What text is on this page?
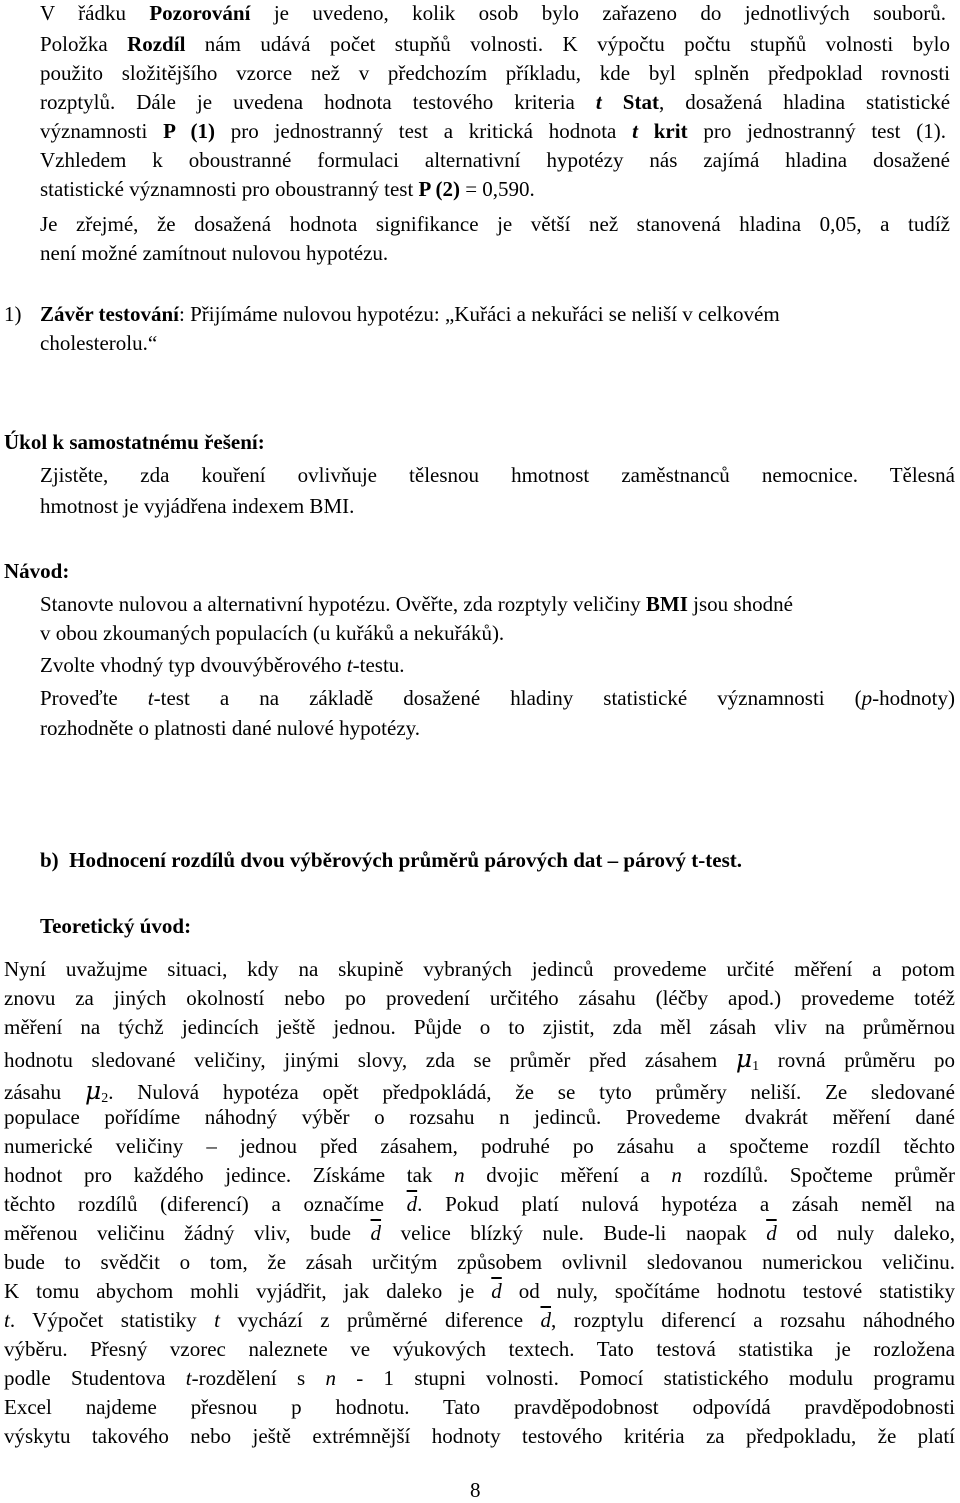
V řádku Pozorování je uvedeno, kolik osob bylo zařazeno do jednotlivých souborů.
Položka Rozdíl nám udává počet stupňů volnosti. K výpočtu počtu stupňů volnosti bylo
použito složitějšího vzorce než v předchozím příkladu, kde byl splněn předpoklad rovnosti
rozptylů. Dále je uvedena hodnota testového kriteria t Stat, dosažená hladina statistické
významnosti P (1) pro jednostranný test a kritická hodnota t krit pro jednostranný test (1).
Vzhledem k oboustranné formulaci alternativní hypotézy nás zajímá hladina dosažené
statistické významnosti pro oboustranný test P (2) = 0,590.
Je zřejmé, že dosažená hodnota signifikance je větší než stanovená hladina 0,05, a tudíž
není možné zamítnout nulovou hypotézu.
1) Závěr testování: Přijímáme nulovou hypotézu: „Kuřáci a nekuřáci se neliší v celkovém
cholesterolu.“
Úkol k samostatnému řešení:
Zjistěte, zda kouření ovlivňuje tělesnou hmotnost zaměstnanců nemocnice. Tělesná
hmotnost je vyjádřena indexem BMI.
Návod:
Stanovte nulovou a alternativní hypotézu. Ověřte, zda rozptyly veličiny BMI jsou shodné
v obou zkoumaných populacích (u kuřáků a nekuřáků).
Zvolte vhodný typ dvouvýběrového t-testu.
Proveďte t-test a na základě dosažené hladiny statistické významnosti (p-hodnoty)
rozhodněte o platnosti dané nulové hypotézy.
b)  Hodnocení rozdílů dvou výběrových průměrů párových dat – párový t-test.
Teoretický úvod:
Nyní uvažujme situaci, kdy na skupině vybraných jedinců provedeme určité měření a potom
znovu za jiných okolností nebo po provedení určitého zásahu (léčby apod.) provedeme totéž
měření na týchž jedincích ještě jednou. Půjde o to zjistit, zda měl zásah vliv na průměrnou
hodnotu sledované veličiny, jinými slovy, zda se průměr před zásahem $\mu_1$ rovná průměru po
zásahu $\mu_2$. Nulová hypotéza opět předpokládá, že se tyto průměry neliší. Ze sledované
populace pořídíme náhodný výběr o rozsahu n jedinců. Provedeme dvakrát měření dané
numerické veličiny – jednou před zásahem, podruhé po zásahu a spočteme rozdíl těchto
hodnot pro každého jedince. Získáme tak n dvojic měření a n rozdílů. Spočteme průměr
těchto rozdílů (diferencí) a označíme $\overline{d}$. Pokud platí nulová hypotéza a zásah neměl na
měřenou veličinu žádný vliv, bude $\overline{d}$ velice blízký nule. Bude-li naopak $\overline{d}$ od nuly daleko,
bude to svědčit o tom, že zásah určitým způsobem ovlivnil sledovanou numerickou veličinu.
K tomu abychom mohli vyjádřit, jak daleko je $\overline{d}$ od nuly, spočítáme hodnotu testové statistiky
t. Výpočet statistiky t vychází z průměrné diference $\overline{d}$, rozptylu diferencí a rozsahu náhodného
výběru. Přesný vzorec naleznete ve výukových textech. Tato testová statistika je rozložena
podle Studentova t-rozdělení s n - 1 stupni volnosti. Pomocí statistického modulu programu
Excel najdeme přesnou p hodnotu. Tato pravděpodobnost odpovídá pravděpodobnosti
výskytu takového nebo ještě extrémnější hodnoty testového kritéria za předpokladu, že platí
8
